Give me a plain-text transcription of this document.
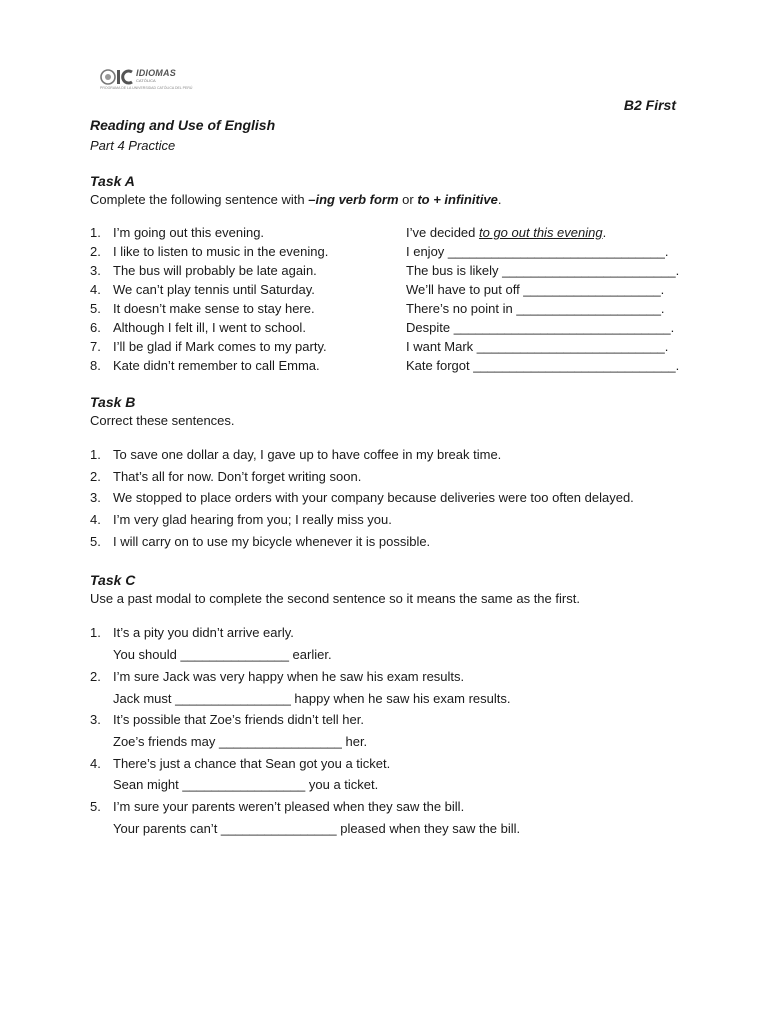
IDIOMAS
CATÓLICA
PROGRAMA DE LA UNIVERSIDAD CATÓLICA DEL PERÚ
B2 First

Reading and Use of English

Part 4 Practice

Task A

Complete the following sentence with –ing verb form or to + infinitive.

1. I’m going out this evening.	I’ve decided to go out this evening.
2. I like to listen to music in the evening.	I enjoy ______________________________.
3. The bus will probably be late again.	The bus is likely ________________________.
4. We can’t play tennis until Saturday.	We’ll have to put off ___________________.
5. It doesn’t make sense to stay here.	There’s no point in ____________________.
6. Although I felt ill, I went to school.	Despite ______________________________.
7. I’ll be glad if Mark comes to my party.	I want Mark __________________________.
8. Kate didn’t remember to call Emma.	Kate forgot ____________________________.

Task B

Correct these sentences.

1. To save one dollar a day, I gave up to have coffee in my break time.
2. That’s all for now. Don’t forget writing soon.
3. We stopped to place orders with your company because deliveries were too often delayed.
4. I’m very glad hearing from you; I really miss you.
5. I will carry on to use my bicycle whenever it is possible.

Task C

Use a past modal to complete the second sentence so it means the same as the first.

1. It’s a pity you didn’t arrive early.
You should _______________ earlier.
2. I’m sure Jack was very happy when he saw his exam results.
Jack must ________________ happy when he saw his exam results.
3. It’s possible that Zoe’s friends didn’t tell her.
Zoe’s friends may _________________ her.
4. There’s just a chance that Sean got you a ticket.
Sean might _________________ you a ticket.
5. I’m sure your parents weren’t pleased when they saw the bill.
Your parents can’t ________________ pleased when they saw the bill.
